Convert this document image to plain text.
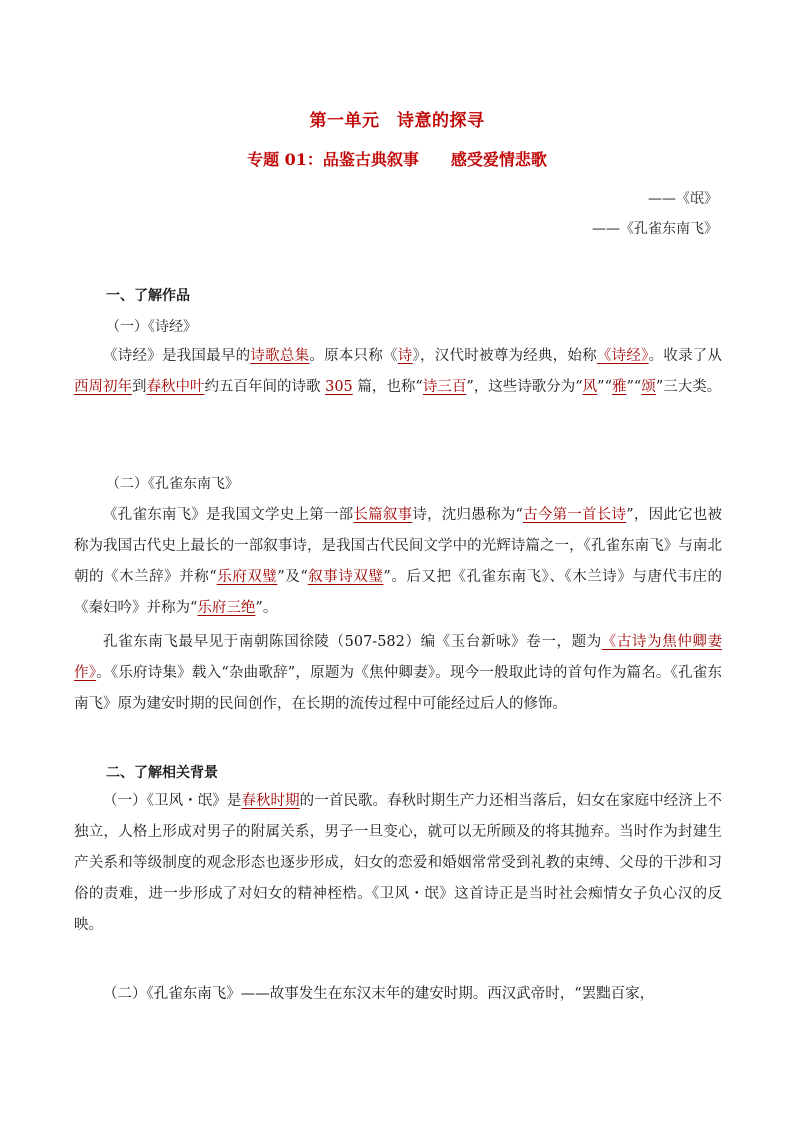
第一单元　诗意的探寻
专题 01：品鉴古典叙事　　感受爱情悲歌
——《氓》
——《孔雀东南飞》
一、了解作品
（一）《诗经》
《诗经》是我国最早的诗歌总集。原本只称《诗》，汉代时被尊为经典，始称《诗经》。收录了从西周初年到春秋中叶约五百年间的诗歌 305 篇，也称“诗三百”，这些诗歌分为“风”“雅”“颂”三大类。
（二）《孔雀东南飞》
《孔雀东南飞》是我国文学史上第一部长篇叙事诗，沈归愚称为“古今第一首长诗”，因此它也被称为我国古代史上最长的一部叙事诗，是我国古代民间文学中的光辉诗篇之一，《孔雀东南飞》与南北朝的《木兰辞》并称“乐府双璧”及“叙事诗双璧”。后又把《孔雀东南飞》、《木兰诗》与唐代韦庄的《秦妇吟》并称为“乐府三绝”。
孔雀东南飞最早见于南朝陈国徐陵（507-582）编《玉台新咏》卷一，题为《古诗为焦仲卿妻作》。《乐府诗集》载入“杂曲歌辞”，原题为《焦仲卿妻》。现今一般取此诗的首句作为篇名。《孔雀东南飞》原为建安时期的民间创作，在长期的流传过程中可能经过后人的修饰。
二、了解相关背景
（一）《卫风・氓》是春秋时期的一首民歌。春秋时期生产力还相当落后，妇女在家庭中经济上不独立，人格上形成对男子的附属关系，男子一旦变心，就可以无所顾及的将其抛弃。当时作为封建生产关系和等级制度的观念形态也逐步形成，妇女的恋爱和婚姻常常受到礼教的束缚、父母的干涉和习俗的责难，进一步形成了对妇女的精神桎梏。《卫风・氓》这首诗正是当时社会痴情女子负心汉的反映。
（二）《孔雀东南飞》——故事发生在东汉末年的建安时期。西汉武帝时，“罢黜百家，
